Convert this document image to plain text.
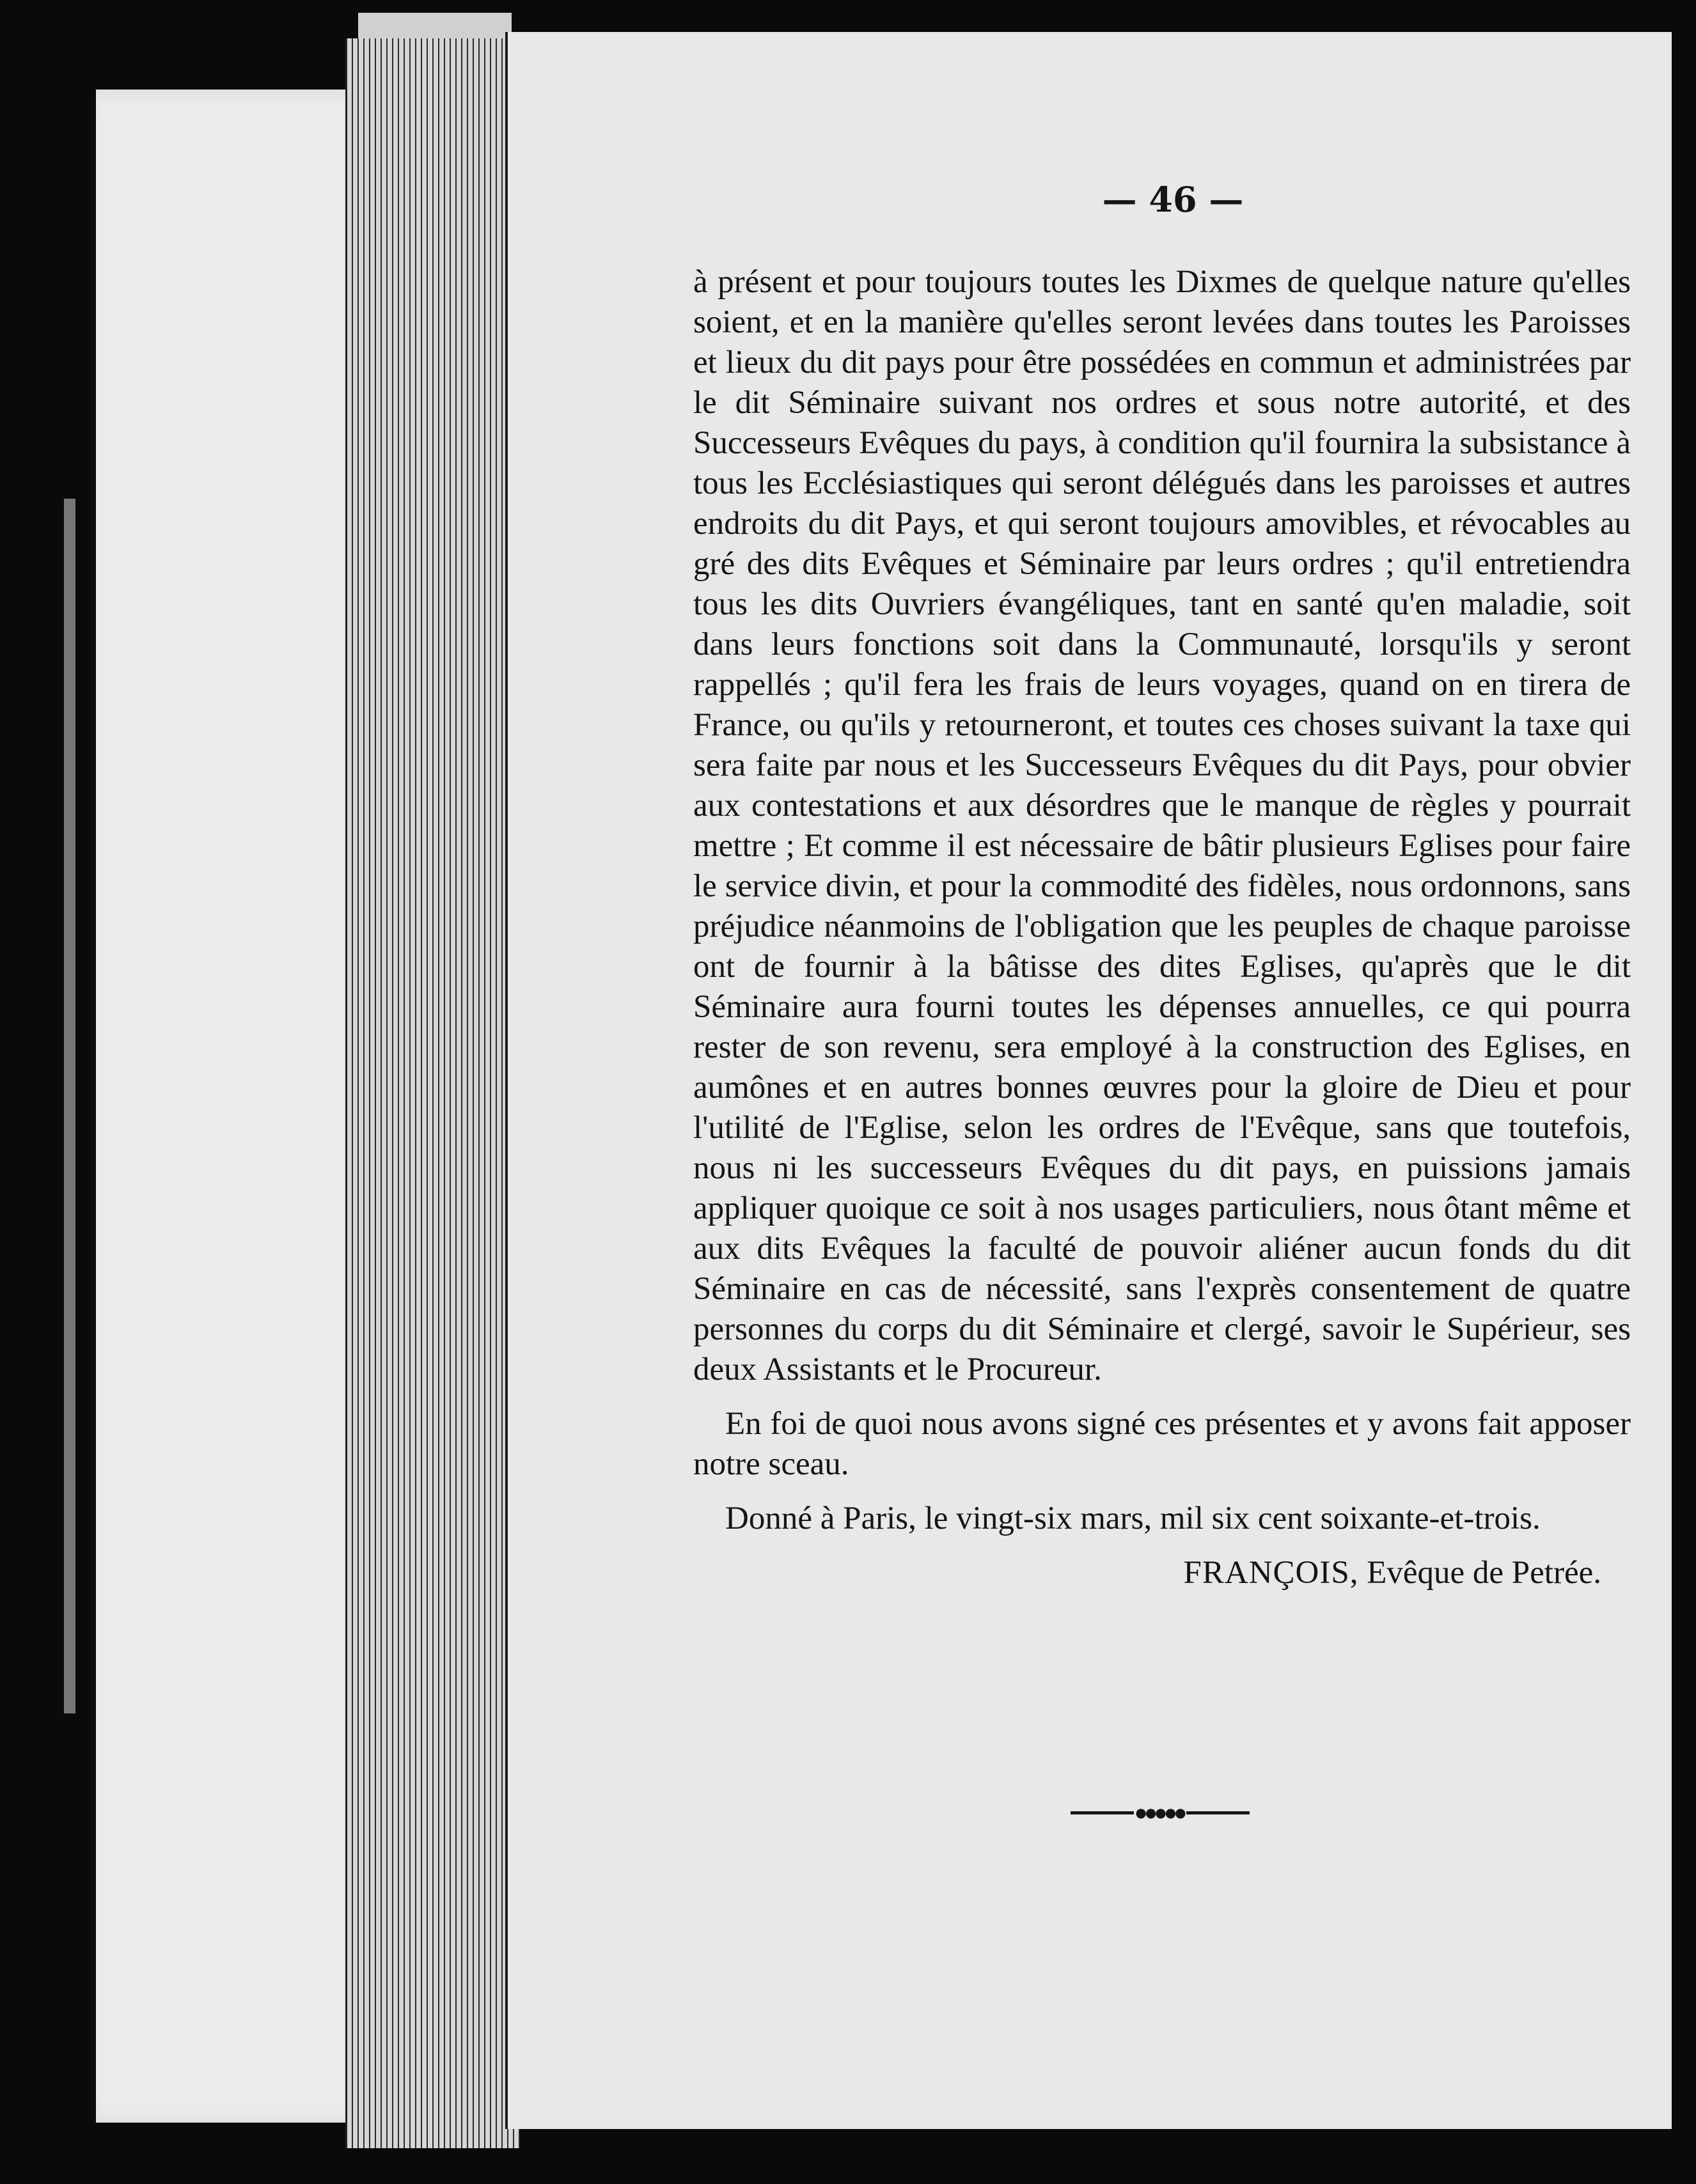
— 46 —

à présent et pour toujours toutes les Dixmes de quelque nature qu'elles soient, et en la manière qu'elles seront levées dans toutes les Paroisses et lieux du dit pays pour être possédées en commun et administrées par le dit Séminaire suivant nos ordres et sous notre autorité, et des Successeurs Evêques du pays, à condition qu'il fournira la subsistance à tous les Ecclésiastiques qui seront délégués dans les paroisses et autres endroits du dit Pays, et qui seront toujours amovibles, et révocables au gré des dits Evêques et Séminaire par leurs ordres ; qu'il entretiendra tous les dits Ouvriers évangéliques, tant en santé qu'en maladie, soit dans leurs fonctions soit dans la Communauté, lorsqu'ils y seront rappellés ; qu'il fera les frais de leurs voyages, quand on en tirera de France, ou qu'ils y retourneront, et toutes ces choses suivant la taxe qui sera faite par nous et les Successeurs Evêques du dit Pays, pour obvier aux contestations et aux désordres que le manque de règles y pourrait mettre ; Et comme il est nécessaire de bâtir plusieurs Eglises pour faire le service divin, et pour la commodité des fidèles, nous ordonnons, sans préjudice néanmoins de l'obligation que les peuples de chaque paroisse ont de fournir à la bâtisse des dites Eglises, qu'après que le dit Séminaire aura fourni toutes les dépenses annuelles, ce qui pourra rester de son revenu, sera employé à la construction des Eglises, en aumônes et en autres bonnes œuvres pour la gloire de Dieu et pour l'utilité de l'Eglise, selon les ordres de l'Evêque, sans que toutefois, nous ni les successeurs Evêques du dit pays, en puissions jamais appliquer quoique ce soit à nos usages particuliers, nous ôtant même et aux dits Evêques la faculté de pouvoir aliéner aucun fonds du dit Séminaire en cas de nécessité, sans l'exprès consentement de quatre personnes du corps du dit Séminaire et clergé, savoir le Supérieur, ses deux Assistants et le Procureur.

En foi de quoi nous avons signé ces présentes et y avons fait apposer notre sceau.

Donné à Paris, le vingt-six mars, mil six cent soixante-et-trois.

FRANÇOIS, Evêque de Petrée.
●●●●●
